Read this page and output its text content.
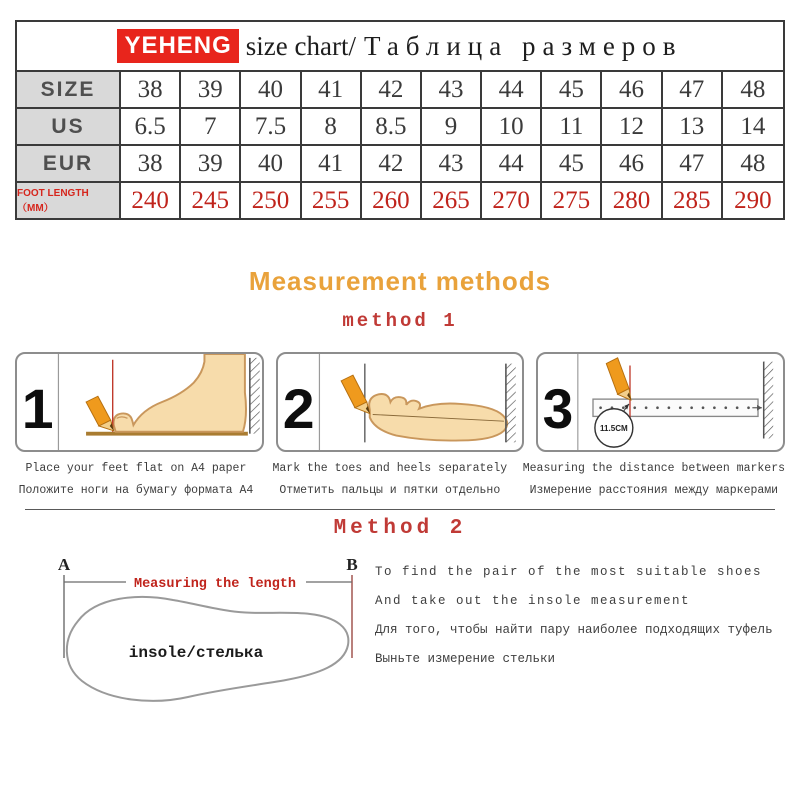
YEHENG size chart/ Таблица размеров
SIZE	38	39	40	41	42	43	44	45	46	47	48
US	6.5	7	7.5	8	8.5	9	10	11	12	13	14
EUR	38	39	40	41	42	43	44	45	46	47	48
FOOT LENGTH （MM）	240 245 250 255 260 265 270 275 280 285 290
Measurement methods
method 1
1	2	3	11.5CM
Place your feet flat on A4 paper
Положите ноги на бумагу формата А4
Mark the toes and heels separately
Отметить пальцы и пятки отдельно
Measuring the distance between markers
Измерение расстояния между маркерами
Method 2
A	B
Measuring the length
insole/стелька
To find the pair of the most suitable shoes
And take out the insole measurement
Для того, чтобы найти пару наиболее подходящих туфель
Выньте измерение стельки
